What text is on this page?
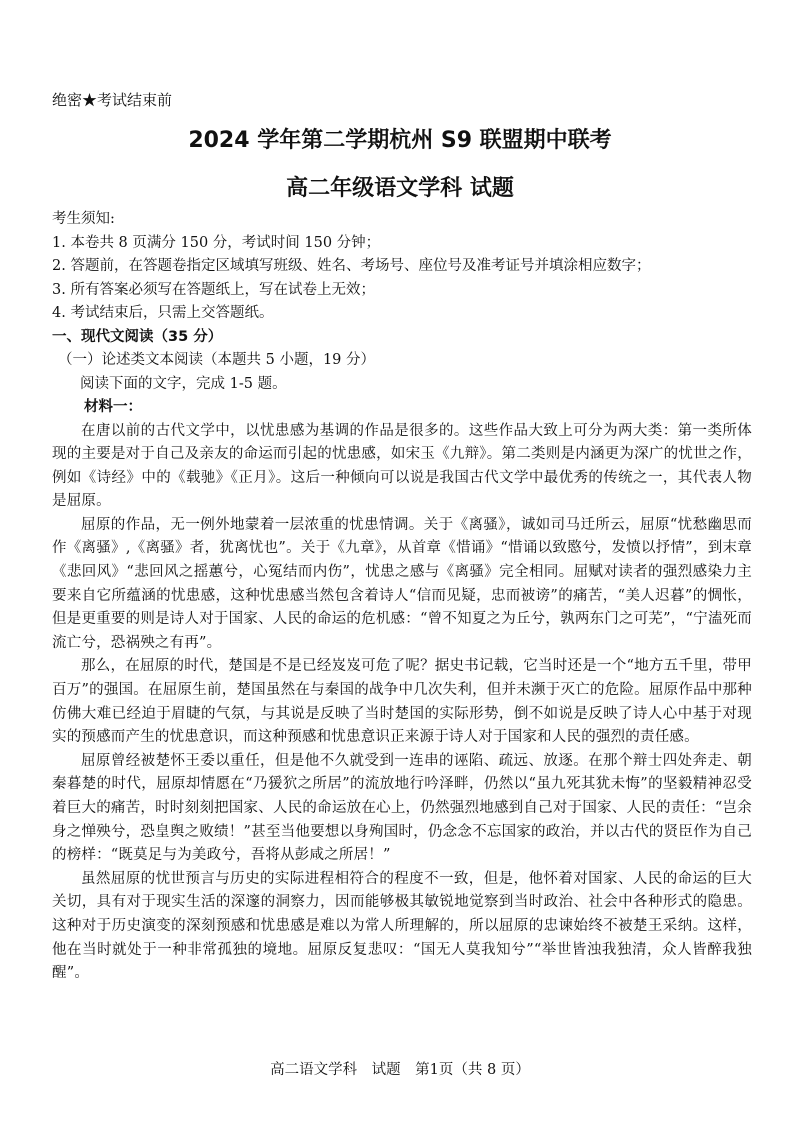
绝密★考试结束前
2024 学年第二学期杭州 S9 联盟期中联考
高二年级语文学科 试题
考生须知:
1. 本卷共 8 页满分 150 分，考试时间 150 分钟；
2. 答题前，在答题卷指定区域填写班级、姓名、考场号、座位号及准考证号并填涂相应数字；
3. 所有答案必须写在答题纸上，写在试卷上无效；
4. 考试结束后，只需上交答题纸。
一、现代文阅读（35 分）
（一）论述类文本阅读（本题共 5 小题，19 分）
阅读下面的文字，完成 1-5 题。
材料一：

在唐以前的古代文学中，以忧患感为基调的作品是很多的。这些作品大致上可分为两大类：第一类所体现的主要是对于自己及亲友的命运而引起的忧患感，如宋玉《九辩》。第二类则是内涵更为深广的忧世之作，例如《诗经》中的《载驰》《正月》。这后一种倾向可以说是我国古代文学中最优秀的传统之一，其代表人物是屈原。

屈原的作品，无一例外地蒙着一层浓重的忧患情调。关于《离骚》，诚如司马迁所云，屈原“忧愁幽思而作《离骚》,《离骚》者，犹离忧也”。关于《九章》，从首章《惜诵》“惜诵以致愍兮，发愤以抒情”，到末章《悲回风》“悲回风之摇蕙兮，心冤结而内伤”，忧患之感与《离骚》完全相同。屈赋对读者的强烈感染力主要来自它所蕴涵的忧患感，这种忧患感当然包含着诗人“信而见疑，忠而被谤”的痛苦，“美人迟暮”的惆怅，但是更重要的则是诗人对于国家、人民的命运的危机感：“曾不知夏之为丘兮，孰两东门之可芜”，“宁溘死而流亡兮，恐祸殃之有再”。

那么，在屈原的时代，楚国是不是已经岌岌可危了呢？据史书记载，它当时还是一个“地方五千里，带甲百万”的强国。在屈原生前，楚国虽然在与秦国的战争中几次失利，但并未濒于灭亡的危险。屈原作品中那种仿佛大难已经迫于眉睫的气氛，与其说是反映了当时楚国的实际形势，倒不如说是反映了诗人心中基于对现实的预感而产生的忧患意识，而这种预感和忧患意识正来源于诗人对于国家和人民的强烈的责任感。

屈原曾经被楚怀王委以重任，但是他不久就受到一连串的诬陷、疏远、放逐。在那个辩士四处奔走、朝秦暮楚的时代，屈原却情愿在“乃猨狖之所居”的流放地行吟泽畔，仍然以“虽九死其犹未悔”的坚毅精神忍受着巨大的痛苦，时时刻刻把国家、人民的命运放在心上，仍然强烈地感到自己对于国家、人民的责任：“岂余身之惮殃兮，恐皇舆之败绩！”甚至当他要想以身殉国时，仍念念不忘国家的政治，并以古代的贤臣作为自己的榜样：“既莫足与为美政兮，吾将从彭咸之所居！”

虽然屈原的忧世预言与历史的实际进程相符合的程度不一致，但是，他怀着对国家、人民的命运的巨大关切，具有对于现实生活的深邃的洞察力，因而能够极其敏锐地觉察到当时政治、社会中各种形式的隐患。这种对于历史演变的深刻预感和忧患感是难以为常人所理解的，所以屈原的忠谏始终不被楚王采纳。这样，他在当时就处于一种非常孤独的境地。屈原反复悲叹：“国无人莫我知兮”“举世皆浊我独清，众人皆醉我独醒”。

高二语文学科　试题　第1页（共 8 页）
